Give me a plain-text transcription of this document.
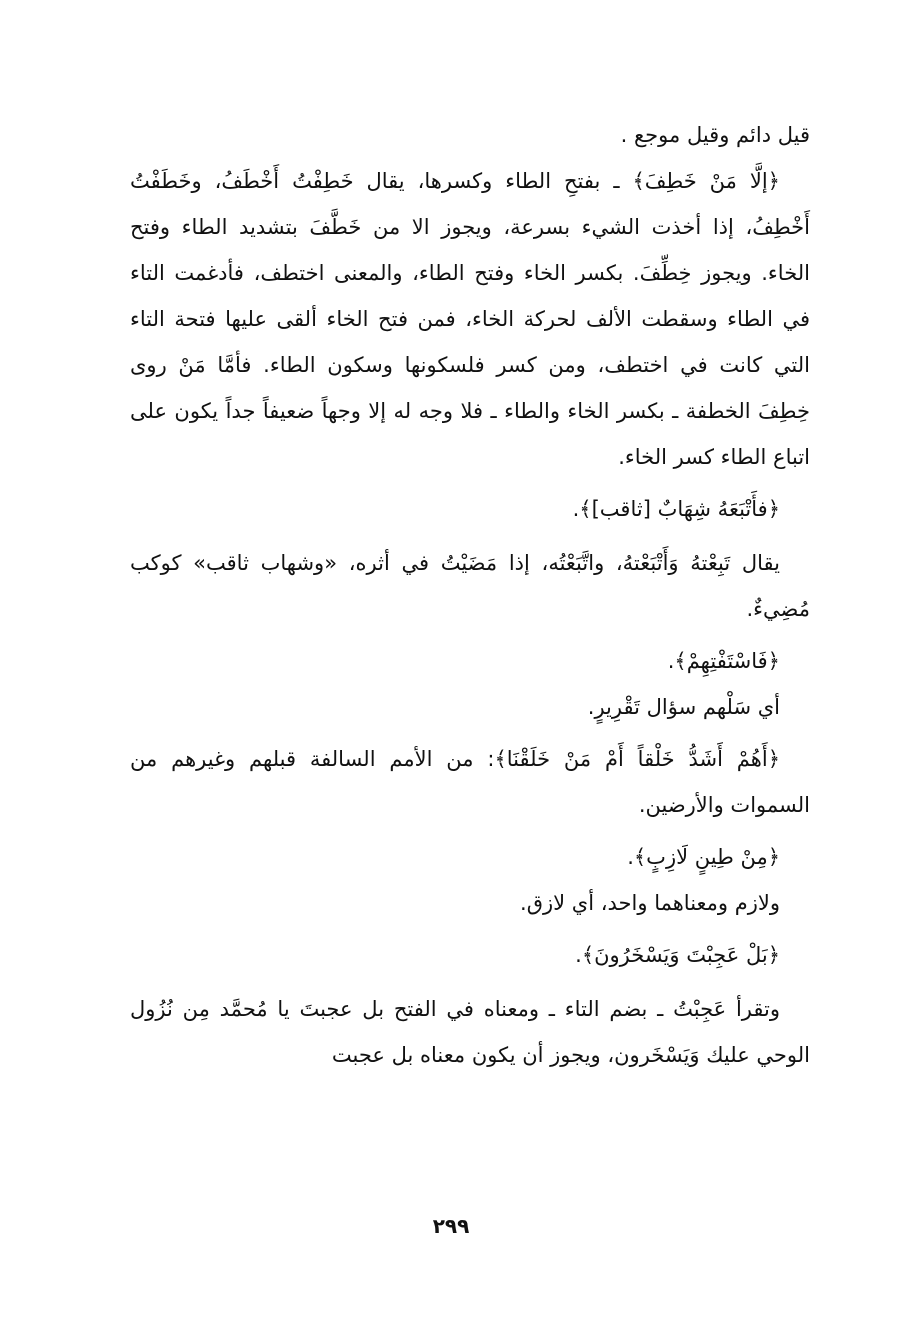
قيل دائم وقيل موجع .

﴿إلَّا مَنْ خَطِفَ﴾ ـ بفتحِ الطاء وكسرها، يقال خَطِفْتُ أَخْطَفُ، وخَطَفْتُ أَخْطِفُ، إذا أخذت الشيء بسرعة، ويجوز الا من خَطَّفَ بتشديد الطاء وفتح الخاء. ويجوز خِطِّفَ. بكسر الخاء وفتح الطاء، والمعنى اختطف، فأدغمت التاء في الطاء وسقطت الألف لحركة الخاء، فمن فتح الخاء ألقى عليها فتحة التاء التي كانت في اختطف، ومن كسر فلسكونها وسكون الطاء. فأمَّا مَنْ روى خِطِفَ الخطفة ـ بكسر الخاء والطاء ـ فلا وجه له إلا وجهاً ضعيفاً جداً يكون على اتباع الطاء كسر الخاء.

﴿فأَتْبَعَهُ شِهَابٌ [ثاقب]﴾.

يقال تَبِعْتهُ وَأَتْبَعْتهُ، واتَّبَعْتُه، إذا مَضَيْتُ في أثره، «وشهاب ثاقب» كوكب مُضِيءٌ.

﴿فَاسْتَفْتِهِمْ﴾.

أي سَلْهم سؤال تَقْرِيرٍ.

﴿أَهُمْ أَشَدُّ خَلْقاً أَمْ مَنْ خَلَقْنَا﴾: من الأمم السالفة قبلهم وغيرهم من السموات والأرضين.

﴿مِنْ طِينٍ لَازِبٍ﴾.

ولازم ومعناهما واحد، أي لازق.

﴿بَلْ عَجِبْتَ وَيَسْخَرُونَ﴾.

وتقرأ عَجِبْتُ ـ بضم التاء ـ ومعناه في الفتح بل عجبتَ يا مُحمَّد مِن نُزُول الوحي عليك وَيَسْخَرون، ويجوز أن يكون معناه بل عجبت

٢٩٩
